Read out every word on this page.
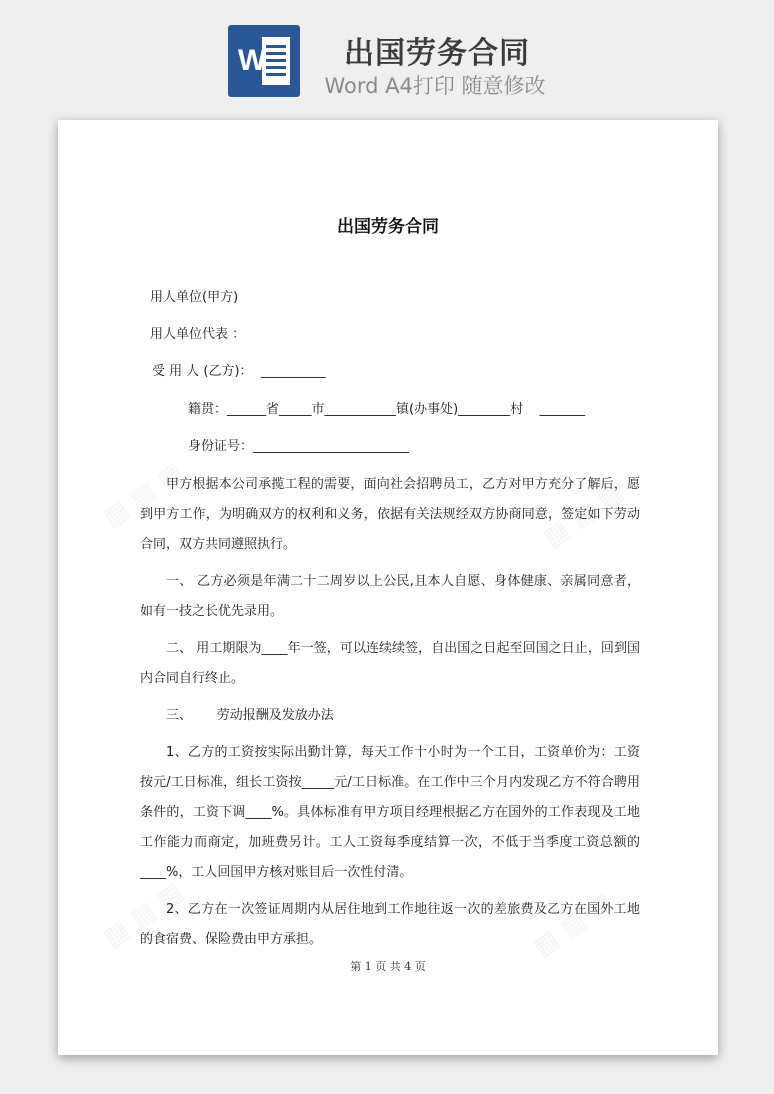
W	出国劳务合同
Word A4打印 随意修改
出国劳务合同
用人单位(甲方)
用人单位代表 ：
受 用 人 (乙方)：  __________
籍贯：______省_____市___________镇(办事处)________村    _______
身份证号：________________________

甲方根据本公司承揽工程的需要，面向社会招聘员工，乙方对甲方充分了解后，愿到甲方工作，为明确双方的权利和义务，依据有关法规经双方协商同意，签定如下劳动合同，双方共同遵照执行。

一、 乙方必须是年满二十二周岁以上公民,且本人自愿、身体健康、亲属同意者，如有一技之长优先录用。

二、 用工期限为____年一签，可以连续续签，自出国之日起至回国之日止，回到国内合同自行终止。

三、      劳动报酬及发放办法

1、乙方的工资按实际出勤计算，每天工作十小时为一个工日，工资单价为：工资按元/工日标准，组长工资按_____元/工日标准。在工作中三个月内发现乙方不符合聘用条件的，工资下调____%。具体标准有甲方项目经理根据乙方在国外的工作表现及工地工作能力而商定，加班费另计。工人工资每季度结算一次，不低于当季度工资总额的____%，工人回国甲方核对账目后一次性付清。

2、乙方在一次签证周期内从居住地到工作地往返一次的差旅费及乙方在国外工地的食宿费、保险费由甲方承担。

第 1 页 共 4 页
